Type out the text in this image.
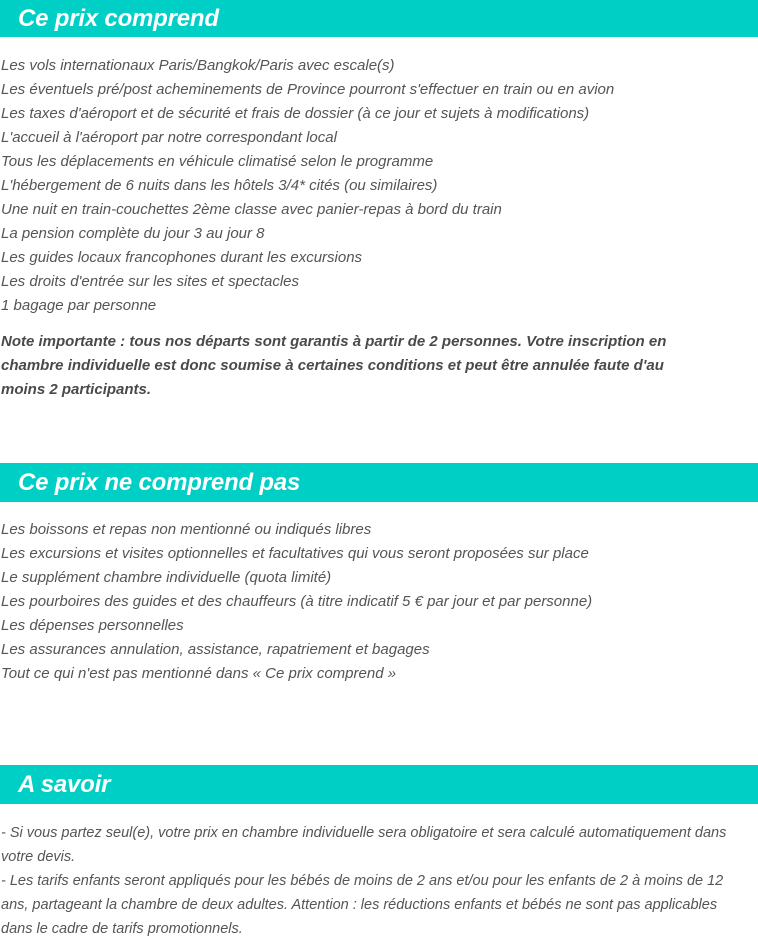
Ce prix comprend
Les vols internationaux Paris/Bangkok/Paris avec escale(s)
Les éventuels pré/post acheminements de Province pourront s'effectuer en train ou en avion
Les taxes d'aéroport et de sécurité et frais de dossier (à ce jour et sujets à modifications)
L'accueil à l'aéroport par notre correspondant local
Tous les déplacements en véhicule climatisé selon le programme
L'hébergement de 6 nuits dans les hôtels 3/4* cités (ou similaires)
Une nuit en train-couchettes 2ème classe avec panier-repas à bord du train
La pension complète du jour 3 au jour 8
Les guides locaux francophones durant les excursions
Les droits d'entrée sur les sites et spectacles
1 bagage par personne
Note importante : tous nos départs sont garantis à partir de 2 personnes. Votre inscription en chambre individuelle est donc soumise à certaines conditions et peut être annulée faute d'au moins 2 participants.
Ce prix ne comprend pas
Les boissons et repas non mentionné ou indiqués libres
Les excursions et visites optionnelles et facultatives qui vous seront proposées sur place
Le supplément chambre individuelle (quota limité)
Les pourboires des guides et des chauffeurs (à titre indicatif 5 € par jour et par personne)
Les dépenses personnelles
Les assurances annulation, assistance, rapatriement et bagages
Tout ce qui n'est pas mentionné dans « Ce prix comprend »
A savoir

- Si vous partez seul(e), votre prix en chambre individuelle sera obligatoire et sera calculé automatiquement dans votre devis.

- Les tarifs enfants seront appliqués pour les bébés de moins de 2 ans et/ou pour les enfants de 2 à moins de 12 ans, partageant la chambre de deux adultes. Attention : les réductions enfants et bébés ne sont pas applicables dans le cadre de tarifs promotionnels.
